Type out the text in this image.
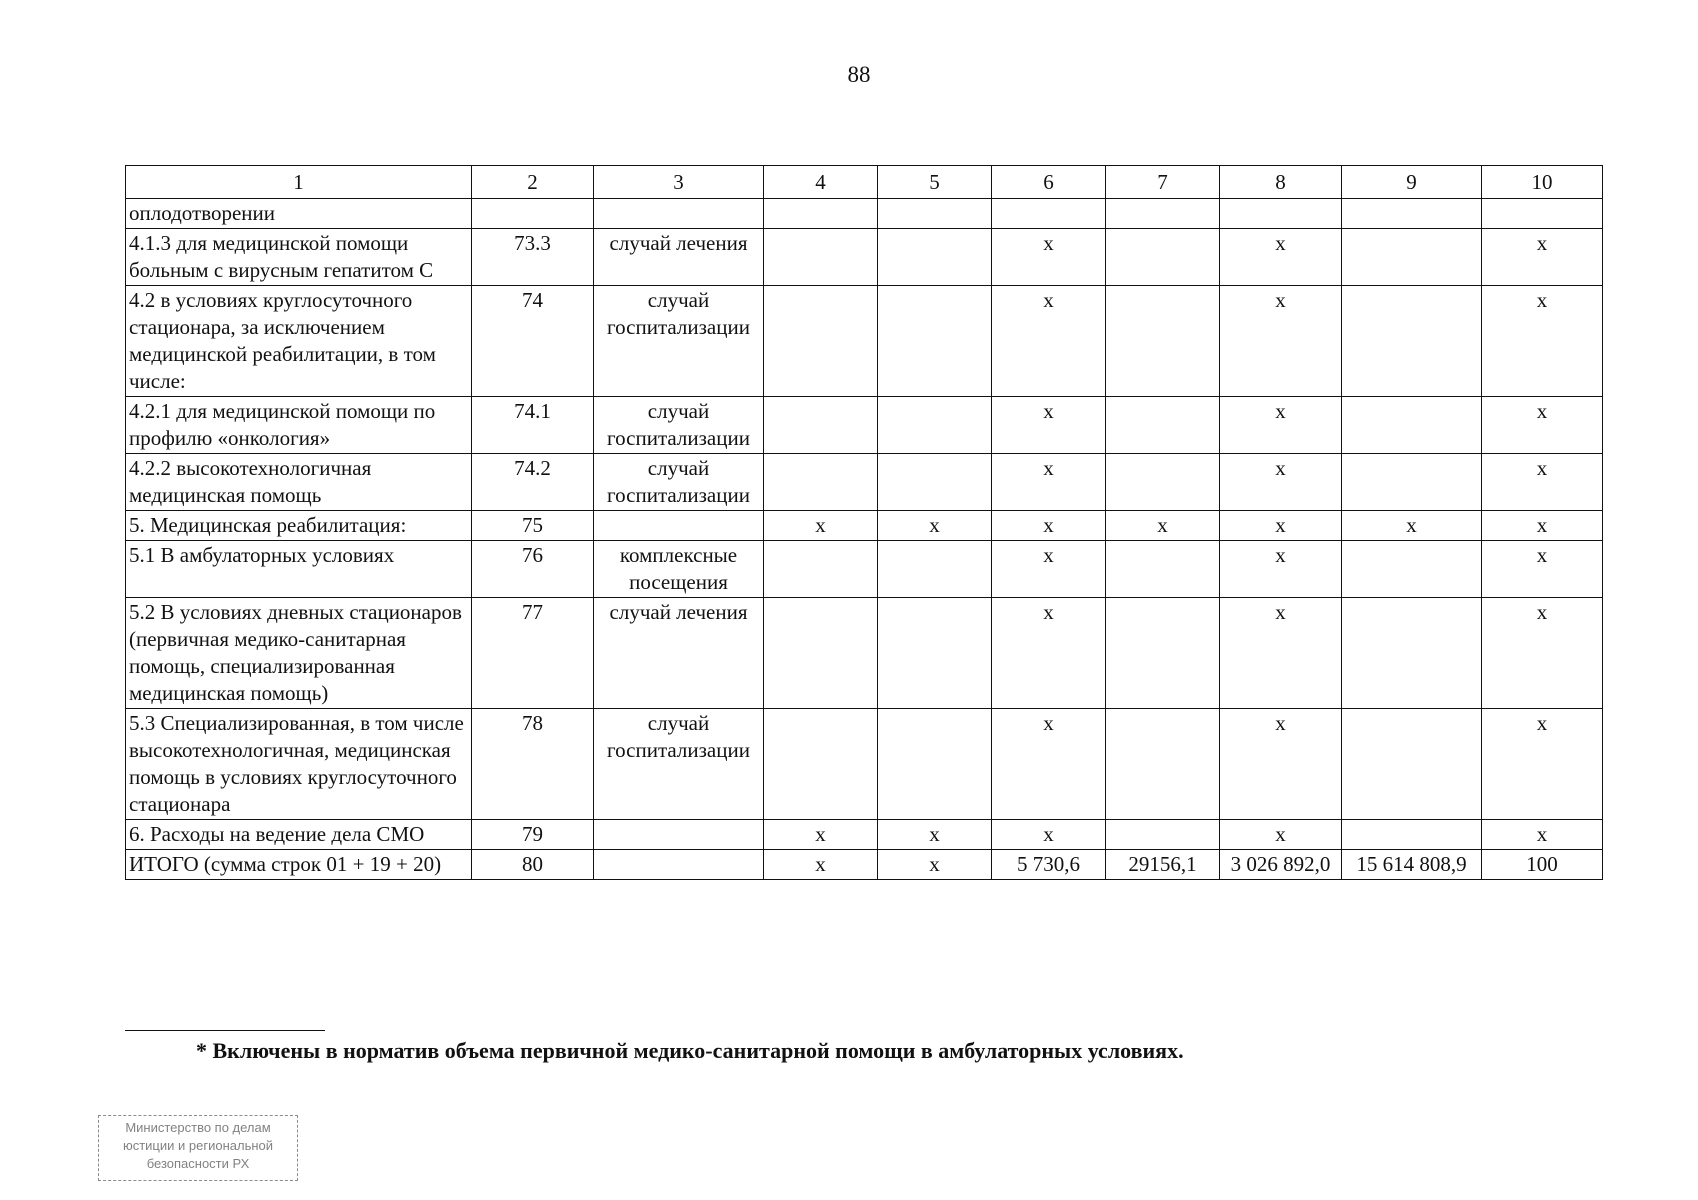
88
1	2	3	4	5	6	7	8	9	10
оплодотворении									
4.1.3 для медицинской помощи больным с вирусным гепатитом С	73.3	случай лечения			х		х		х
4.2 в условиях круглосуточного стационара, за исключением медицинской реабилитации, в том числе:	74	случай госпитализации			х		х		х
4.2.1 для медицинской помощи по профилю «онкология»	74.1	случай госпитализации			х		х		х
4.2.2 высокотехнологичная медицинская помощь	74.2	случай госпитализации			х		х		х
5. Медицинская реабилитация:	75		х	х	х	х	х	х	х
5.1 В амбулаторных условиях	76	комплексные посещения			х		х		х
5.2 В условиях дневных стационаров (первичная медико-санитарная помощь, специализированная медицинская помощь)	77	случай лечения			х		х		х
5.3 Специализированная, в том числе высокотехнологичная, медицинская помощь в условиях круглосуточного стационара	78	случай госпитализации			х		х		х
6. Расходы на ведение дела СМО	79		х	х	х		х		х
ИТОГО (сумма строк 01 + 19 + 20)	80		х	х	5 730,6	29156,1	3 026 892,0	15 614 808,9	100
* Включены в норматив объема первичной медико-санитарной помощи в амбулаторных условиях.
Министерство по делам
юстиции и региональной
безопасности РХ
